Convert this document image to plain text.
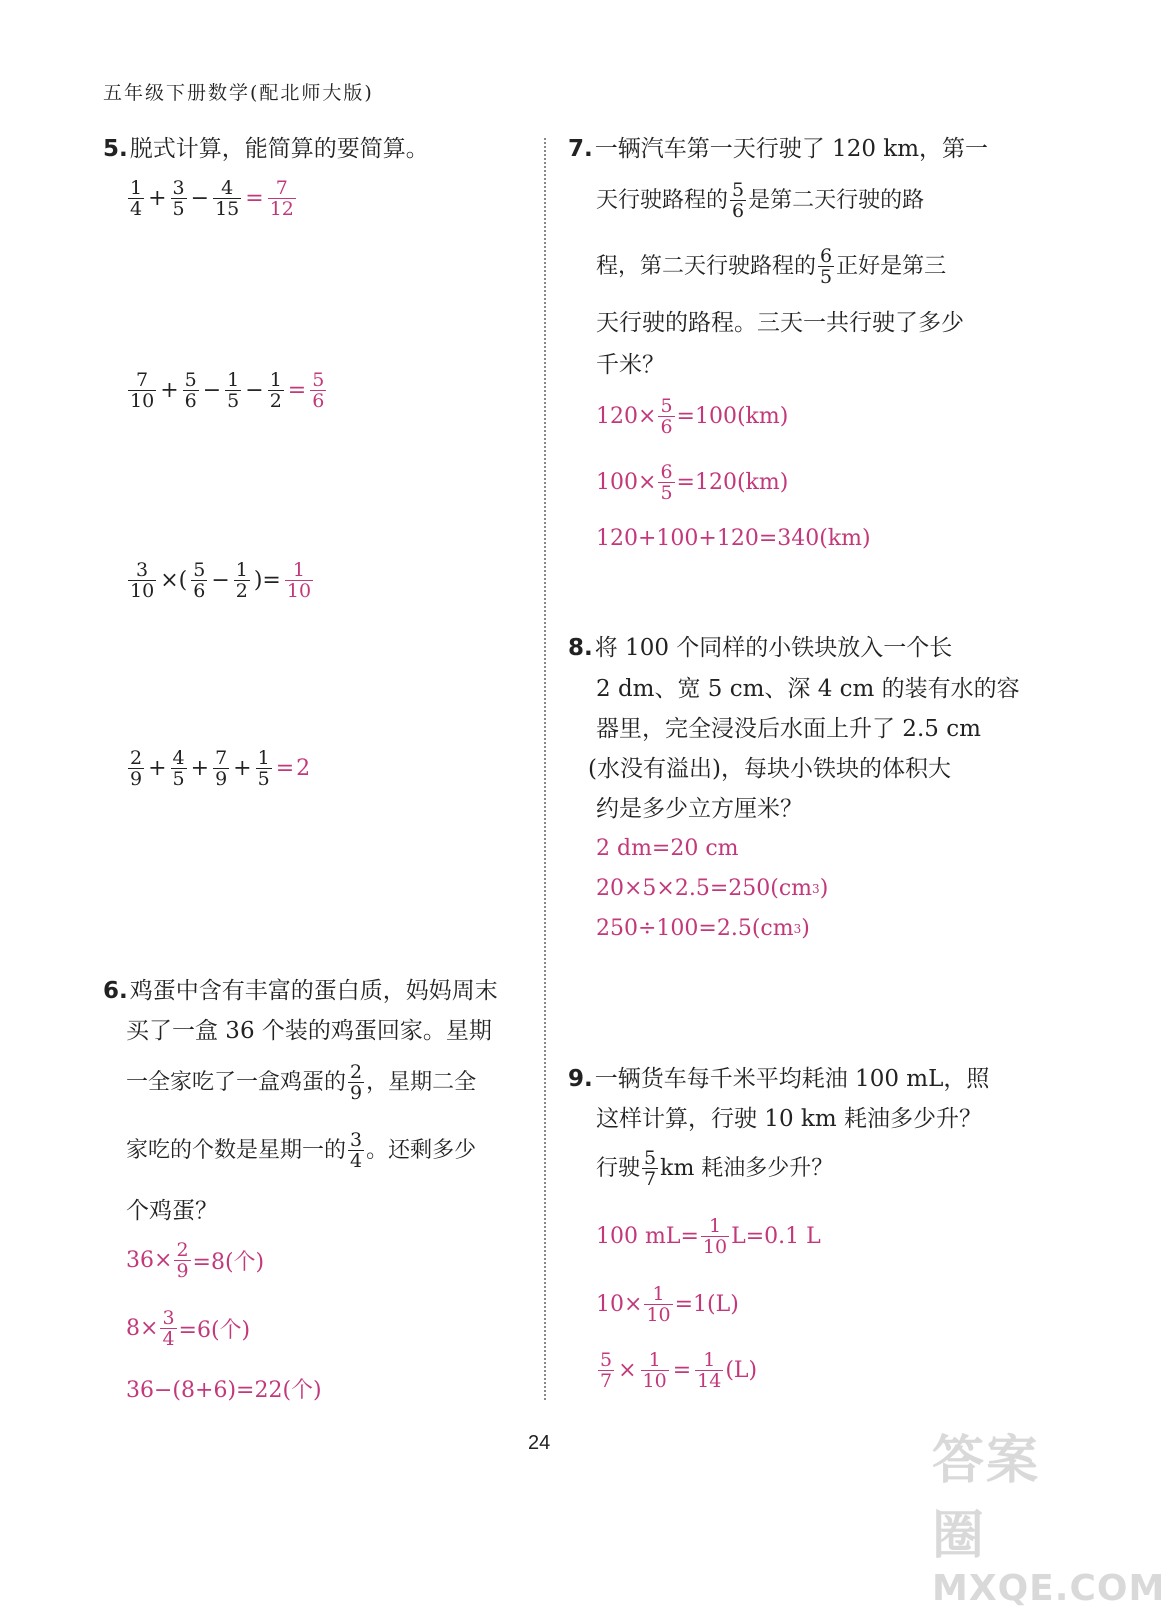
五年级下册数学(配北师大版)
5.脱式计算，能简算的要简算。
$\frac{1}{4} + \frac{3}{5} - \frac{4}{15} = \frac{7}{12}$
$\frac{7}{10} + \frac{5}{6} - \frac{1}{5} - \frac{1}{2} = \frac{5}{6}$
$\frac{3}{10}$ ×( $\frac{5}{6} - \frac{1}{2}$ )= $\frac{1}{10}$
$\frac{2}{9} + \frac{4}{5} + \frac{7}{9} + \frac{1}{5} = 2$
6.鸡蛋中含有丰富的蛋白质，妈妈周末
买了一盒 36 个装的鸡蛋回家。星期
一全家吃了一盒鸡蛋的 $\frac{2}{9}$ ，星期二全
家吃的个数是星期一的 $\frac{3}{4}$ 。还剩多少
个鸡蛋？
$36\times \frac{2}{9} =8$(个)
$8\times \frac{3}{4} =6$(个)
36−(8+6)=22(个)
7.一辆汽车第一天行驶了 120 km，第一
天行驶路程的 $\frac{5}{6}$ 是第二天行驶的路
程，第二天行驶路程的 $\frac{6}{5}$ 正好是第三
天行驶的路程。三天一共行驶了多少
千米？
$120\times \frac{5}{6} =100(km)$
$100\times \frac{6}{5} =120(km)$
120+100+120=340(km)
8.将 100 个同样的小铁块放入一个长
2 dm、宽 5 cm、深 4 cm 的装有水的容
器里，完全浸没后水面上升了 2.5 cm
(水没有溢出)，每块小铁块的体积大
约是多少立方厘米？
2 dm=20 cm
20×5×2.5=250(cm 3 )
250÷100=2.5(cm 3 )
9.一辆货车每千米平均耗油 100 mL，照
这样计算，行驶 10 km 耗油多少升？
行驶 $\frac{5}{7}$ km 耗油多少升？
100 $mL= \frac{1}{10} L=0.1$ L
$10\times \frac{1}{10} =1(L)$
$\frac{5}{7} \times \frac{1}{10} = \frac{1}{14} (L)$
24	答案圈
MXQE.COM
